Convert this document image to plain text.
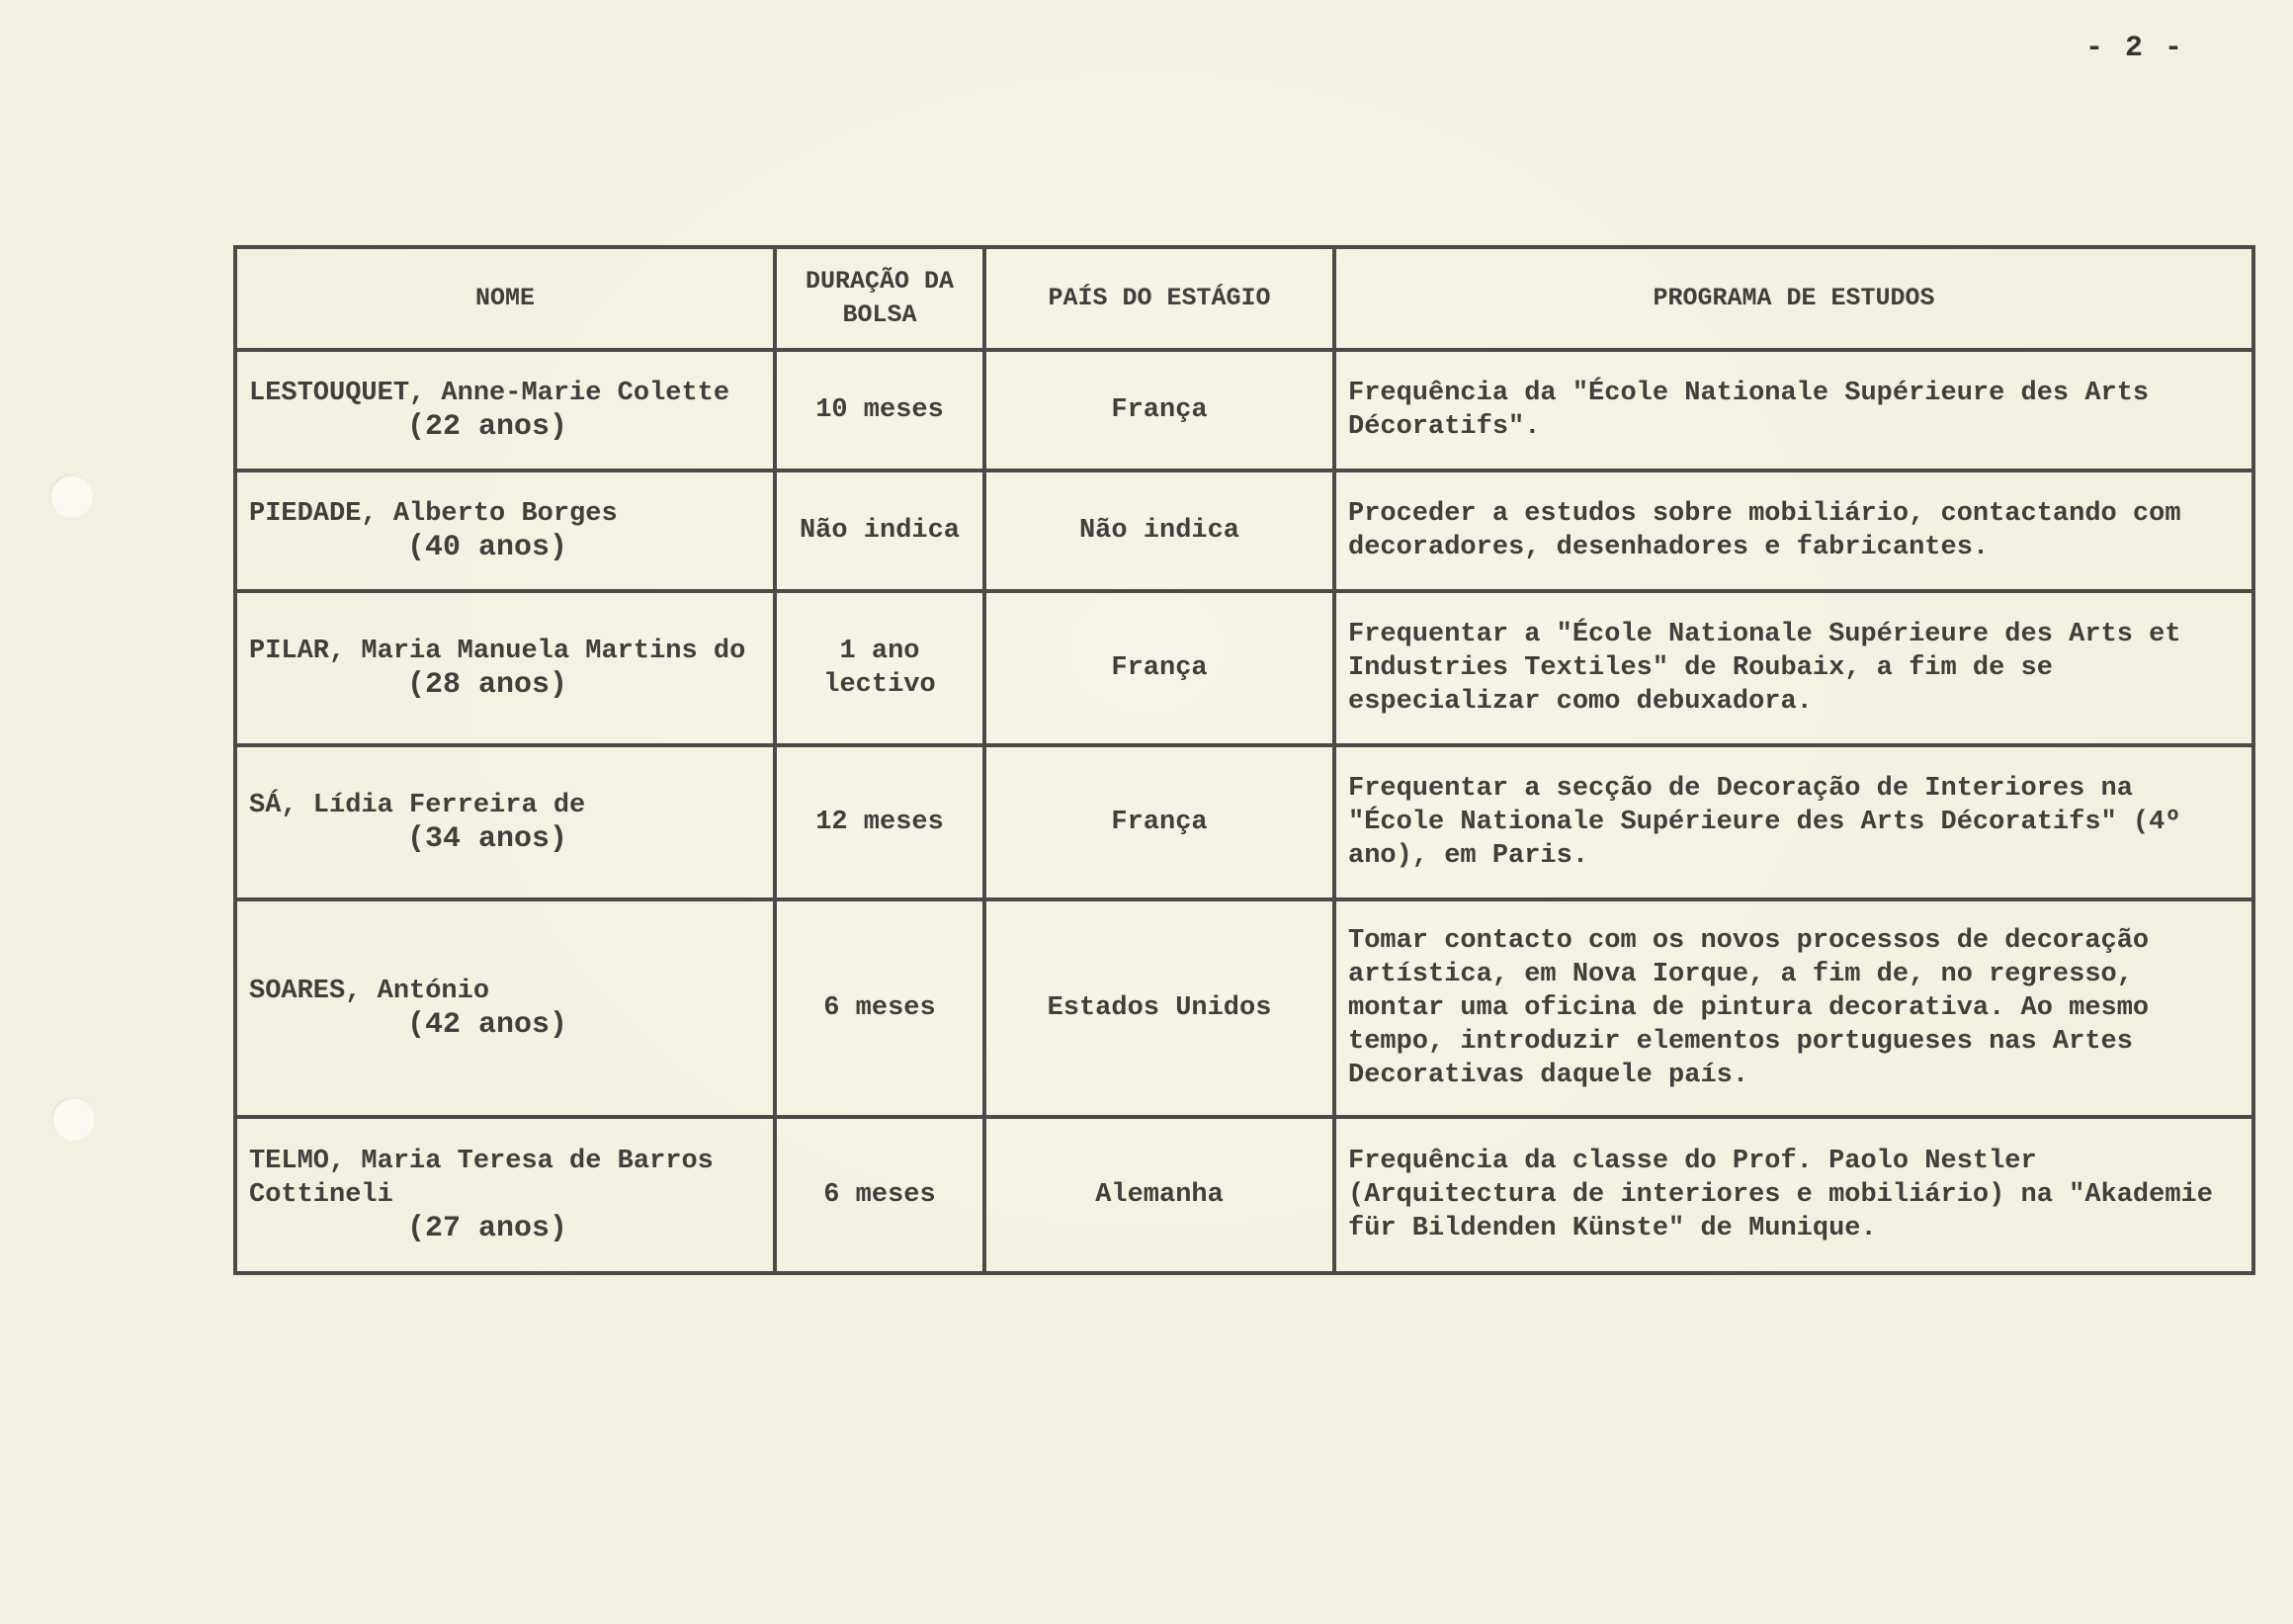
- 2 -
NOME	DURAÇÃO DA BOLSA	PAÍS DO ESTÁGIO	PROGRAMA DE ESTUDOS

LESTOUQUET, Anne-Marie Colette
(22 anos)	10 meses	França	Frequência da "École Nationale Supérieure des Arts Décoratifs".

PIEDADE, Alberto Borges
(40 anos)	Não indica	Não indica	Proceder a estudos sobre mobiliário, contactando com decoradores, desenhadores e fabricantes.

PILAR, Maria Manuela Martins do
(28 anos)	1 ano lectivo	França	Frequentar a "École Nationale Supérieure des Arts et Industries Textiles" de Roubaix, a fim de se especializar como debuxadora.

SÁ, Lídia Ferreira de
(34 anos)	12 meses	França	Frequentar a secção de Decoração de Interiores na "École Nationale Supérieure des Arts Décoratifs" (4º ano), em Paris.

SOARES, António
(42 anos)	6 meses	Estados Unidos	Tomar contacto com os novos processos de decoração artística, em Nova Iorque, a fim de, no regresso, montar uma oficina de pintura decorativa. Ao mesmo tempo, introduzir elementos portugueses nas Artes Decorativas daquele país.

TELMO, Maria Teresa de Barros Cottineli
(27 anos)	6 meses	Alemanha	Frequência da classe do Prof. Paolo Nestler (Arquitectura de interiores e mobiliário) na "Akademie für Bildenden Künste" de Munique.
